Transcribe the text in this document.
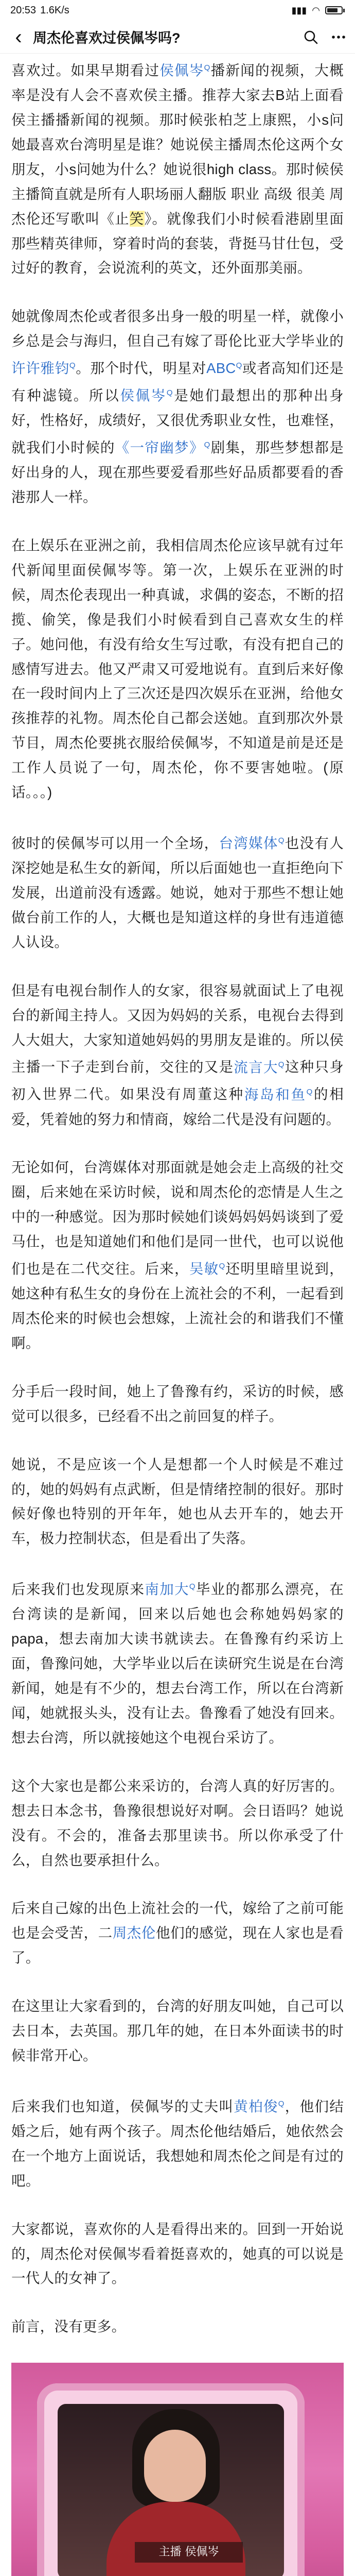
20:53 1.6K/s	▮▮▮ ◠
‹ 周杰伦喜欢过侯佩岑吗?

喜欢过。如果早期看过侯佩岑$^Q$播新闻的视频，大概率是没有人会不喜欢侯主播。推荐大家去B站上面看侯主播播新闻的视频。那时候张柏芝上康熙，小s问她最喜欢台湾明星是谁？她说侯主播周杰伦这两个女朋友，小s问她为什么？她说很high class。那时候侯主播简直就是所有人职场丽人翻版 职业 高级 很美 周杰伦还写歌叫《止笑》。就像我们小时候看港剧里面那些精英律师，穿着时尚的套装，背挺马甘仕包，受过好的教育，会说流利的英文，还外面那美丽。

她就像周杰伦或者很多出身一般的明星一样，就像小乡总是会与海归，但自己有嫁了哥伦比亚大学毕业的许许雅钧$^Q$。那个时代，明星对$ABC^Q$或者高知们还是有种滤镜。所以侯佩岑$^Q$是她们最想出的那种出身好，性格好，成绩好，又很优秀职业女性，也难怪，就我们小时候的《一帘幽梦》$^Q$剧集，那些梦想都是好出身的人，现在那些要爱看那些好品质都要看的香港那人一样。

在上娱乐在亚洲之前，我相信周杰伦应该早就有过年代新闻里面侯佩岑等。第一次，上娱乐在亚洲的时候，周杰伦表现出一种真诚，求偶的姿态，不断的招揽、偷笑，像是我们小时候看到自己喜欢女生的样子。她问他，有没有给女生写过歌，有没有把自己的感情写进去。他又严肃又可爱地说有。直到后来好像在一段时间内上了三次还是四次娱乐在亚洲，给他女孩推荐的礼物。周杰伦自己都会送她。直到那次外景节目，周杰伦要挑衣服给侯佩岑，不知道是前是还是工作人员说了一句，周杰伦，你不要害她啦。(原话。。。)

彼时的侯佩岑可以用一个全场，台湾媒体$^Q$也没有人深挖她是私生女的新闻，所以后面她也一直拒绝向下发展，出道前没有透露。她说，她对于那些不想让她做台前工作的人，大概也是知道这样的身世有违道德人认设。

但是有电视台制作人的女家，很容易就面试上了电视台的新闻主持人。又因为妈妈的关系，电视台去得到人大姐大，大家知道她妈妈的男朋友是谁的。所以侯主播一下子走到台前，交往的又是流言大$^Q$这种只身初入世界二代。如果没有周董这种海岛和鱼$^Q$的相爱，凭着她的努力和情商，嫁给二代是没有问题的。

无论如何，台湾媒体对那面就是她会走上高级的社交圈，后来她在采访时候，说和周杰伦的恋情是人生之中的一种感觉。因为那时候她们谈妈妈妈妈谈到了爱马仕，也是知道她们和他们是同一世代，也可以说他们也是在二代交往。后来，吴敏$^Q$还明里暗里说到，她这种有私生女的身份在上流社会的不利，一起看到周杰伦来的时候也会想嫁，上流社会的和谐我们不懂啊。

分手后一段时间，她上了鲁豫有约，采访的时候，感觉可以很多，已经看不出之前回复的样子。

她说，不是应该一个人是想都一个人时候是不难过的，她的妈妈有点武断，但是情绪控制的很好。那时候好像也特别的开年年，她也从去开车的，她去开车，极力控制状态，但是看出了失落。

后来我们也发现原来南加大$^Q$毕业的都那么漂亮，在台湾读的是新闻，回来以后她也会称她妈妈家的papa，想去南加大读书就读去。在鲁豫有约采访上面，鲁豫问她，大学毕业以后在读研究生说是在台湾新闻，她是有不少的，想去台湾工作，所以在台湾新闻，她就报头头，没有让去。鲁豫看了她没有回来。想去台湾，所以就接她这个电视台采访了。

这个大家也是都公来采访的，台湾人真的好厉害的。想去日本念书，鲁豫很想说好对啊。会日语吗？她说没有。不会的，准备去那里读书。所以你承受了什么，自然也要承担什么。

后来自己嫁的出色上流社会的一代，嫁给了之前可能也是会受苦，二周杰伦他们的感觉，现在人家也是看了。

在这里让大家看到的，台湾的好朋友叫她，自己可以去日本，去英国。那几年的她，在日本外面读书的时候非常开心。

后来我们也知道，侯佩岑的丈夫叫黄柏俊$^Q$，他们结婚之后，她有两个孩子。周杰伦他结婚后，她依然会在一个地方上面说话，我想她和周杰伦之间是有过的吧。

大家都说，喜欢你的人是看得出来的。回到一开始说的，周杰伦对侯佩岑看着挺喜欢的，她真的可以说是一代人的女神了。

前言，没有更多。

主播 侯佩岑
